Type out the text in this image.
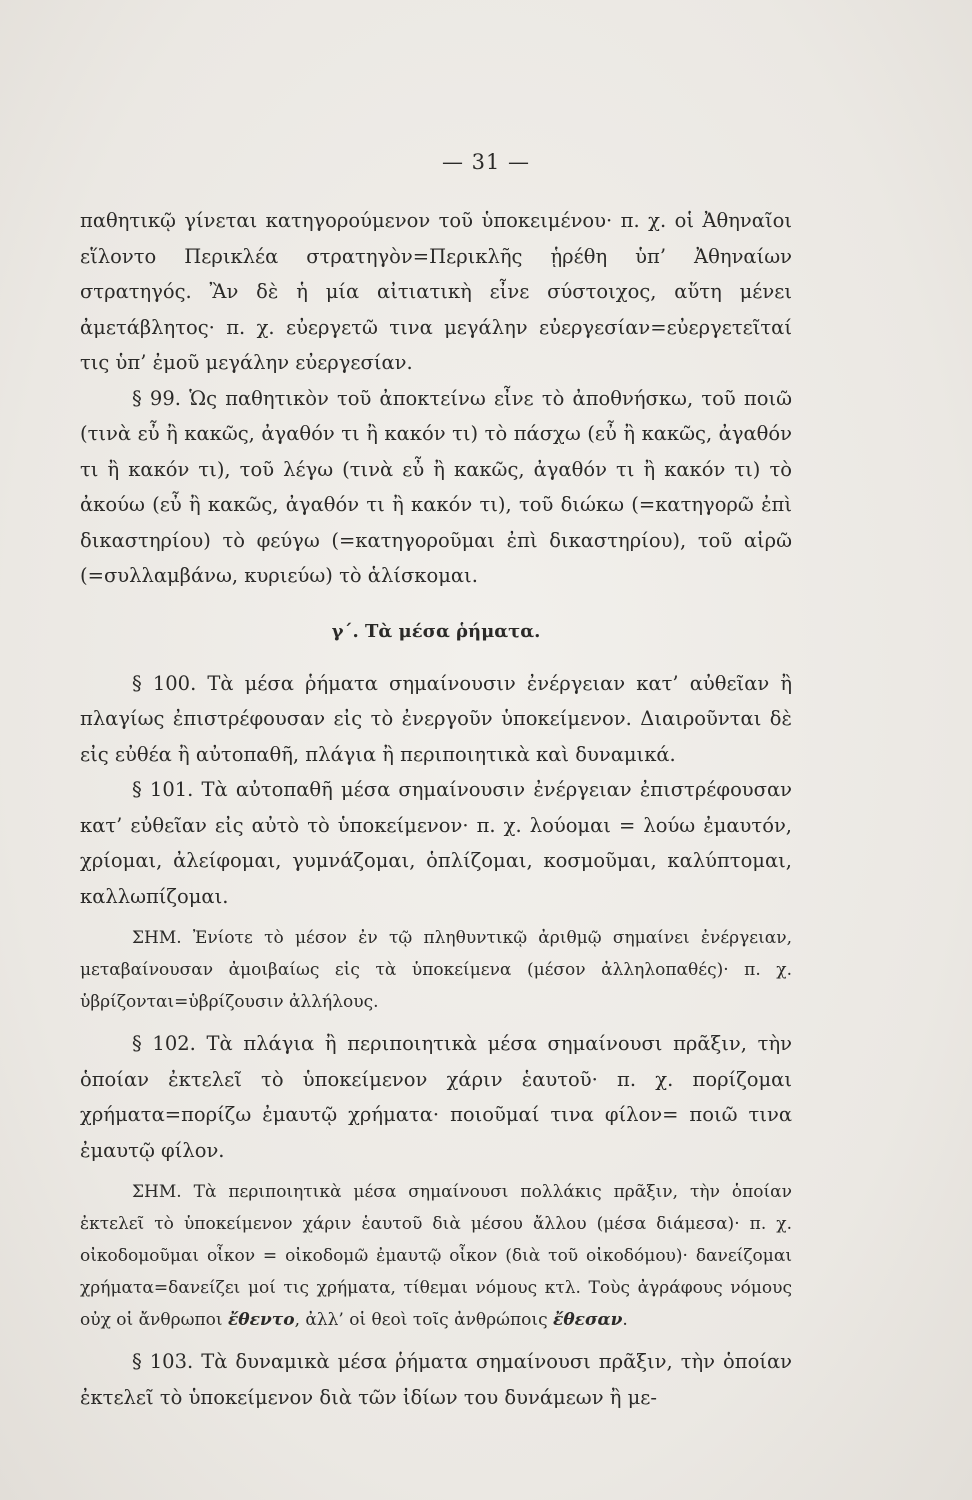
— 31 —

παθητικῷ γίνεται κατηγορούμενον τοῦ ὑποκειμένου· π. χ. οἱ Ἀθηναῖοι εἵλοντο Περικλέα στρατηγὸν=Περικλῆς ᾑρέθη ὑπ’ Ἀθηναίων στρατηγός. Ἂν δὲ ἡ μία αἰτιατικὴ εἶνε σύστοιχος, αὕτη μένει ἀμετάβλητος· π. χ. εὐεργετῶ τινα μεγάλην εὐεργεσίαν=εὐεργετεῖταί τις ὑπ’ ἐμοῦ μεγάλην εὐεργεσίαν.

§ 99. Ὡς παθητικὸν τοῦ ἀποκτείνω εἶνε τὸ ἀποθνήσκω, τοῦ ποιῶ (τινὰ εὖ ἢ κακῶς, ἀγαθόν τι ἢ κακόν τι) τὸ πάσχω (εὖ ἢ κακῶς, ἀγαθόν τι ἢ κακόν τι), τοῦ λέγω (τινὰ εὖ ἢ κακῶς, ἀγαθόν τι ἢ κακόν τι) τὸ ἀκούω (εὖ ἢ κακῶς, ἀγαθόν τι ἢ κακόν τι), τοῦ διώκω (=κατηγορῶ ἐπὶ δικαστηρίου) τὸ φεύγω (=κατηγοροῦμαι ἐπὶ δικαστηρίου), τοῦ αἱρῶ (=συλλαμβάνω, κυριεύω) τὸ ἁλίσκομαι.

γ΄. Τὰ μέσα ῥήματα.

§ 100. Τὰ μέσα ῥήματα σημαίνουσιν ἐνέργειαν κατ’ αὐθεῖαν ἢ πλαγίως ἐπιστρέφουσαν εἰς τὸ ἐνεργοῦν ὑποκείμενον. Διαιροῦνται δὲ εἰς εὐθέα ἢ αὐτοπαθῆ, πλάγια ἢ περιποιητικὰ καὶ δυναμικά.

§ 101. Τὰ αὐτοπαθῆ μέσα σημαίνουσιν ἐνέργειαν ἐπιστρέφουσαν κατ’ εὐθεῖαν εἰς αὐτὸ τὸ ὑποκείμενον· π. χ. λούομαι = λούω ἐμαυτόν, χρίομαι, ἀλείφομαι, γυμνάζομαι, ὁπλίζομαι, κοσμοῦμαι, καλύπτομαι, καλλωπίζομαι.

ΣΗΜ. Ἐνίοτε τὸ μέσον ἐν τῷ πληθυντικῷ ἀριθμῷ σημαίνει ἐνέργειαν, μεταβαίνουσαν ἀμοιβαίως εἰς τὰ ὑποκείμενα (μέσον ἀλληλοπαθές)· π. χ. ὑβρίζονται=ὑβρίζουσιν ἀλλήλους.

§ 102. Τὰ πλάγια ἢ περιποιητικὰ μέσα σημαίνουσι πρᾶξιν, τὴν ὁποίαν ἐκτελεῖ τὸ ὑποκείμενον χάριν ἑαυτοῦ· π. χ. πορίζομαι χρήματα=πορίζω ἐμαυτῷ χρήματα· ποιοῦμαί τινα φίλον= ποιῶ τινα ἐμαυτῷ φίλον.

ΣΗΜ. Τὰ περιποιητικὰ μέσα σημαίνουσι πολλάκις πρᾶξιν, τὴν ὁποίαν ἐκτελεῖ τὸ ὑποκείμενον χάριν ἑαυτοῦ διὰ μέσου ἄλλου (μέσα διάμεσα)· π. χ. οἰκοδομοῦμαι οἶκον = οἰκοδομῶ ἐμαυτῷ οἶκον (διὰ τοῦ οἰκοδόμου)· δανείζομαι χρήματα=δανείζει μοί τις χρήματα, τίθεμαι νόμους κτλ. Τοὺς ἀγράφους νόμους οὐχ οἱ ἄνθρωποι ἔθεντο, ἀλλ’ οἱ θεοὶ τοῖς ἀνθρώποις ἔθεσαν.

§ 103. Τὰ δυναμικὰ μέσα ῥήματα σημαίνουσι πρᾶξιν, τὴν ὁποίαν ἐκτελεῖ τὸ ὑποκείμενον διὰ τῶν ἰδίων του δυνάμεων ἢ με-
